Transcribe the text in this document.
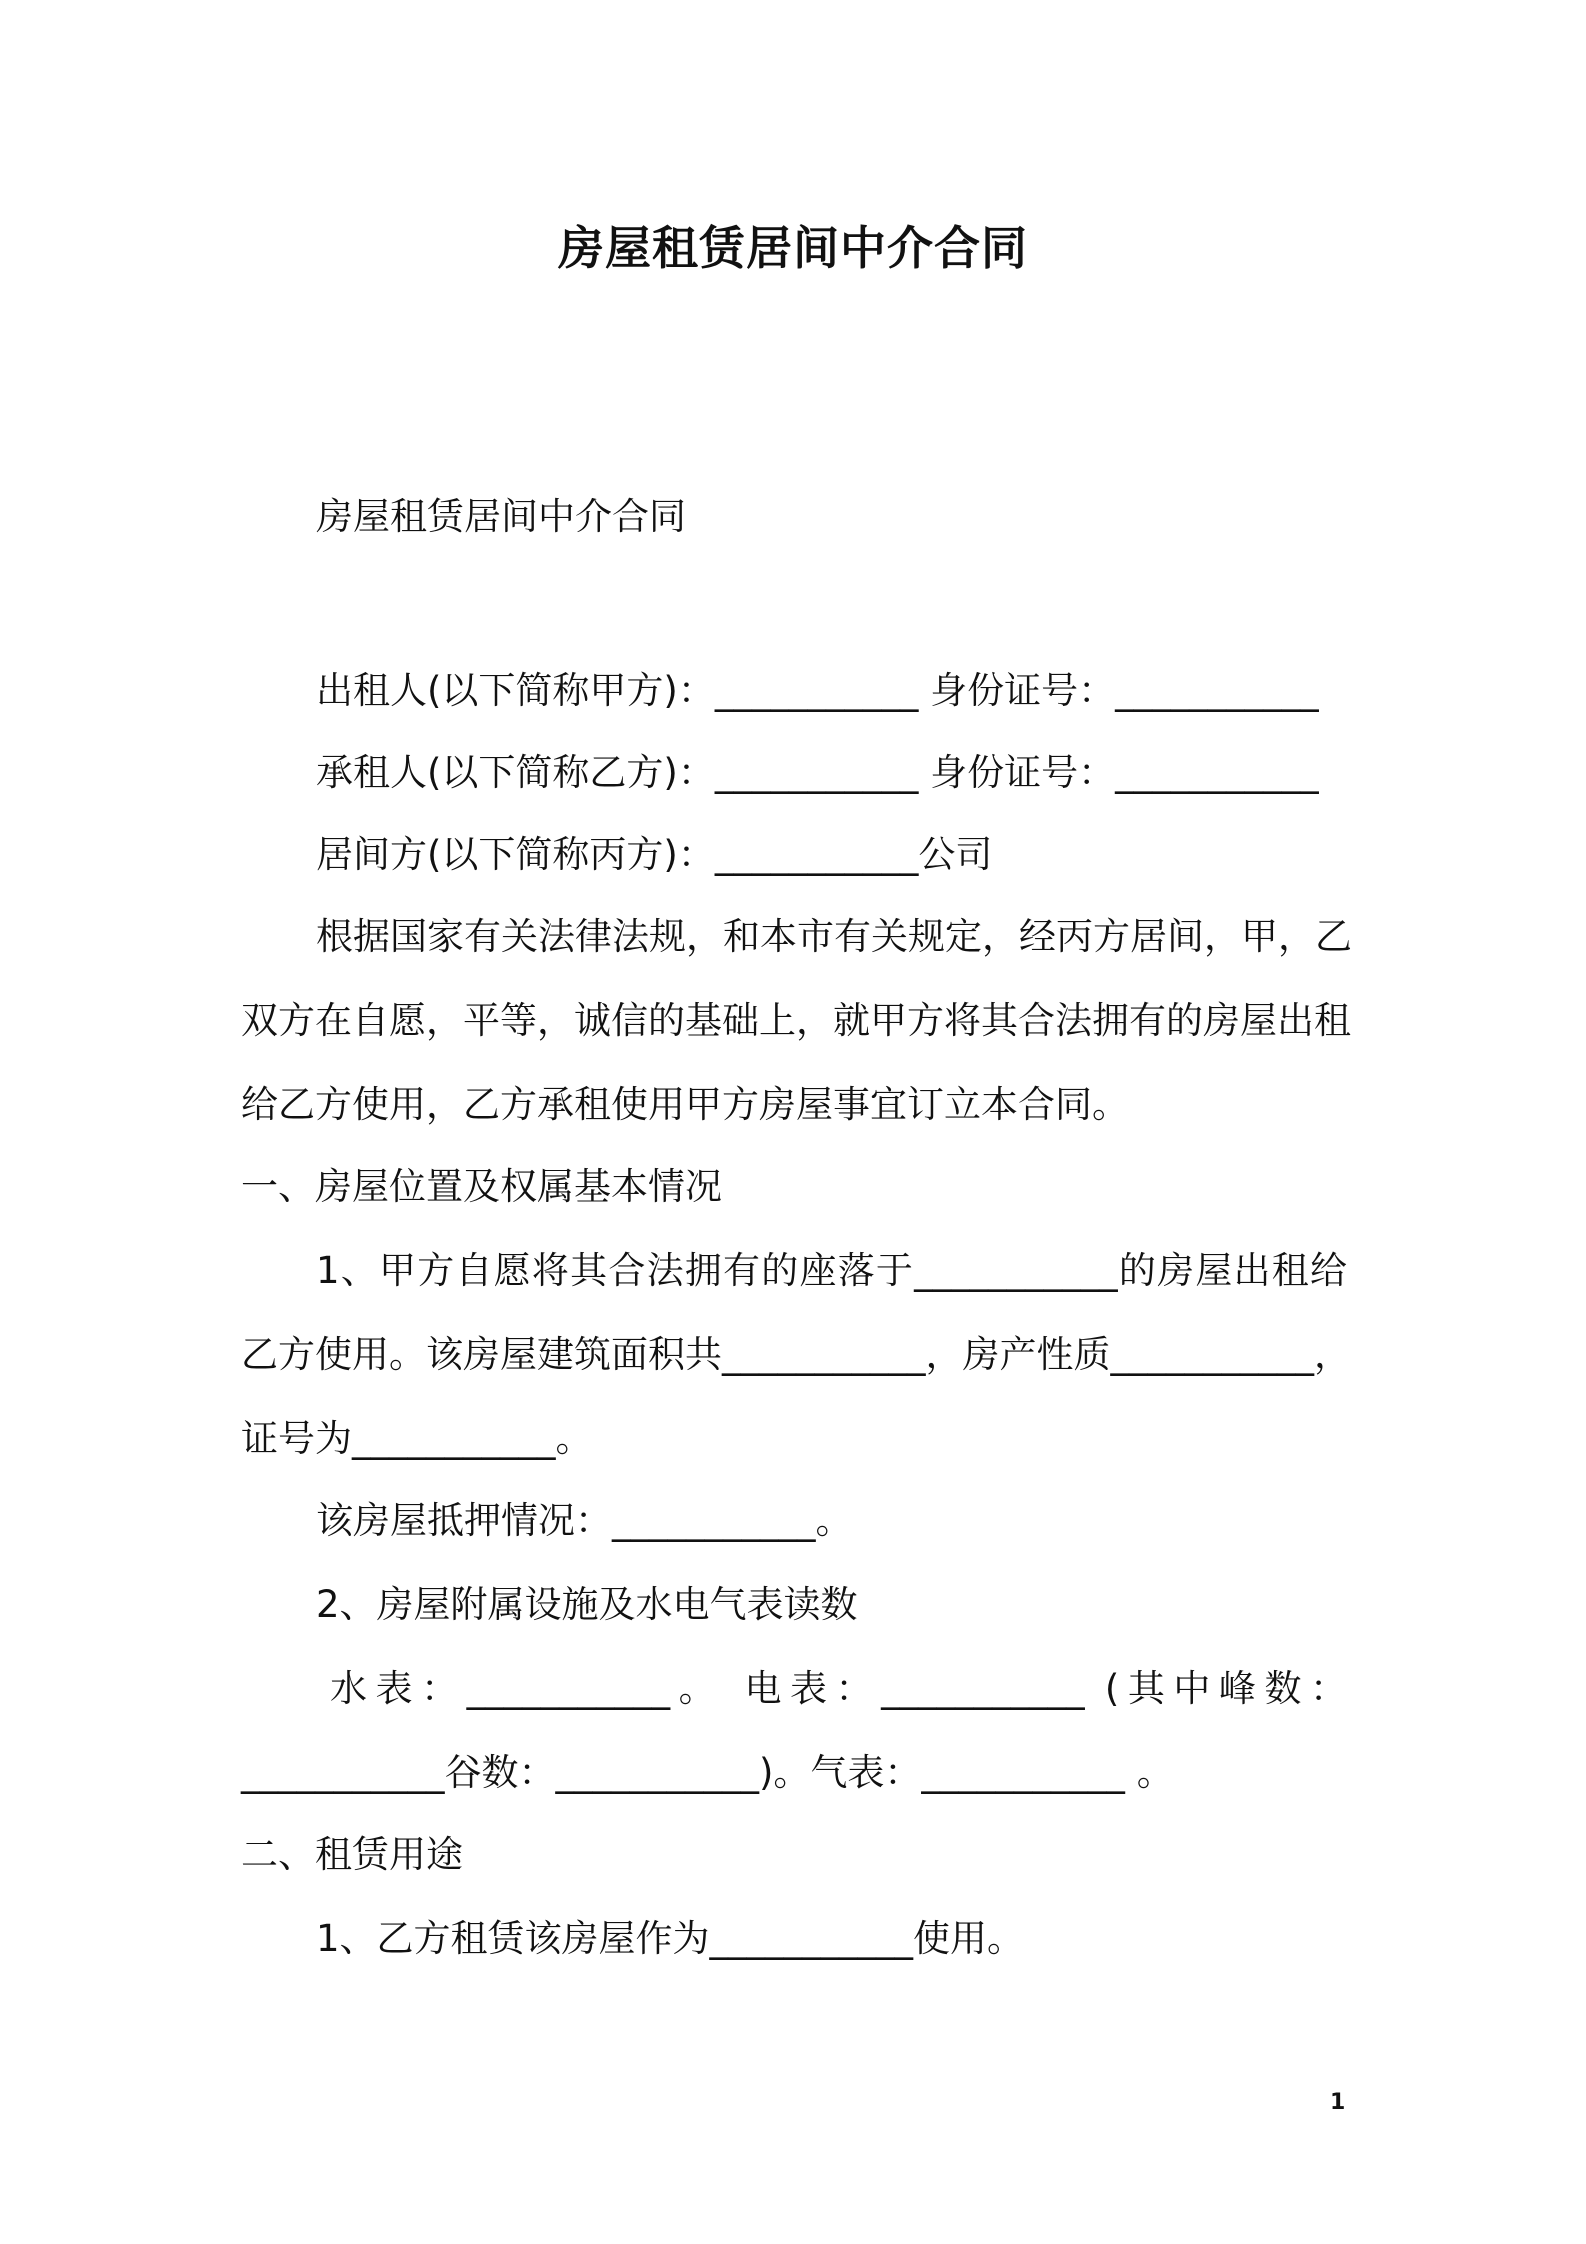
房屋租赁居间中介合同
房屋租赁居间中介合同
出租人(以下简称甲方)：___________ 身份证号：___________
承租人(以下简称乙方)：___________ 身份证号：___________
居间方(以下简称丙方)：___________公司
根据国家有关法律法规，和本市有关规定，经丙方居间，甲，乙
双方在自愿，平等，诚信的基础上，就甲方将其合法拥有的房屋出租
给乙方使用，乙方承租使用甲方房屋事宜订立本合同。
一、房屋位置及权属基本情况
1、甲方自愿将其合法拥有的座落于___________的房屋出租给
乙方使用。该房屋建筑面积共___________，房产性质___________，
证号为___________。
该房屋抵押情况：___________。
2、房屋附属设施及水电气表读数
水表：___________。 电表：___________ (其中峰数：
___________谷数：___________)。气表：___________ 。
二、租赁用途
1、乙方租赁该房屋作为___________使用。
1
